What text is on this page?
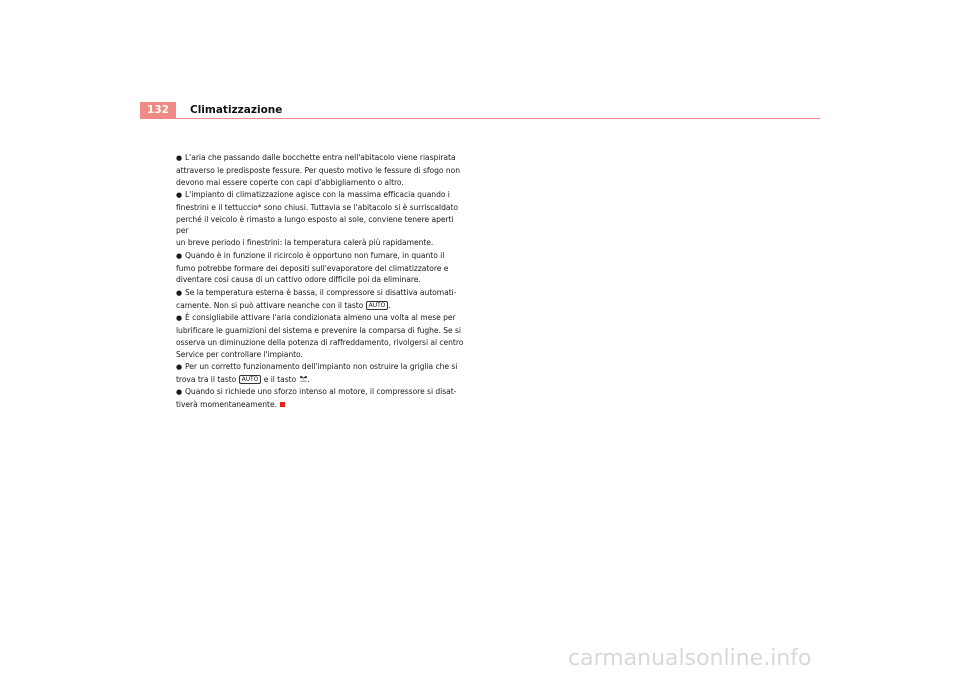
132	Climatizzazione
● L'aria che passando dalle bocchette entra nell'abitacolo viene riaspirata
attraverso le predisposte fessure. Per questo motivo le fessure di sfogo non
devono mai essere coperte con capi d'abbigliamento o altro.
● L'impianto di climatizzazione agisce con la massima efficacia quando i
finestrini e il tettuccio* sono chiusi. Tuttavia se l'abitacolo si è surriscaldato
perché il veicolo è rimasto a lungo esposto al sole, conviene tenere aperti per
un breve periodo i finestrini: la temperatura calerà più rapidamente.
● Quando è in funzione il ricircolo è opportuno non fumare, in quanto il
fumo potrebbe formare dei depositi sull'evaporatore del climatizzatore e
diventare così causa di un cattivo odore difficile poi da eliminare.
● Se la temperatura esterna è bassa, il compressore si disattiva automati-
camente. Non si può attivare neanche con il tasto AUTO .
● È consigliabile attivare l'aria condizionata almeno una volta al mese per
lubrificare le guarnizioni del sistema e prevenire la comparsa di fughe. Se si
osserva un diminuzione della potenza di raffreddamento, rivolgersi al centro
Service per controllare l'impianto.
● Per un corretto funzionamento dell'impianto non ostruire la griglia che si
trova tra il tasto AUTO e il tasto .
● Quando si richiede uno sforzo intenso al motore, il compressore si disat-
tiverà momentaneamente.
carmanualsonline.info
